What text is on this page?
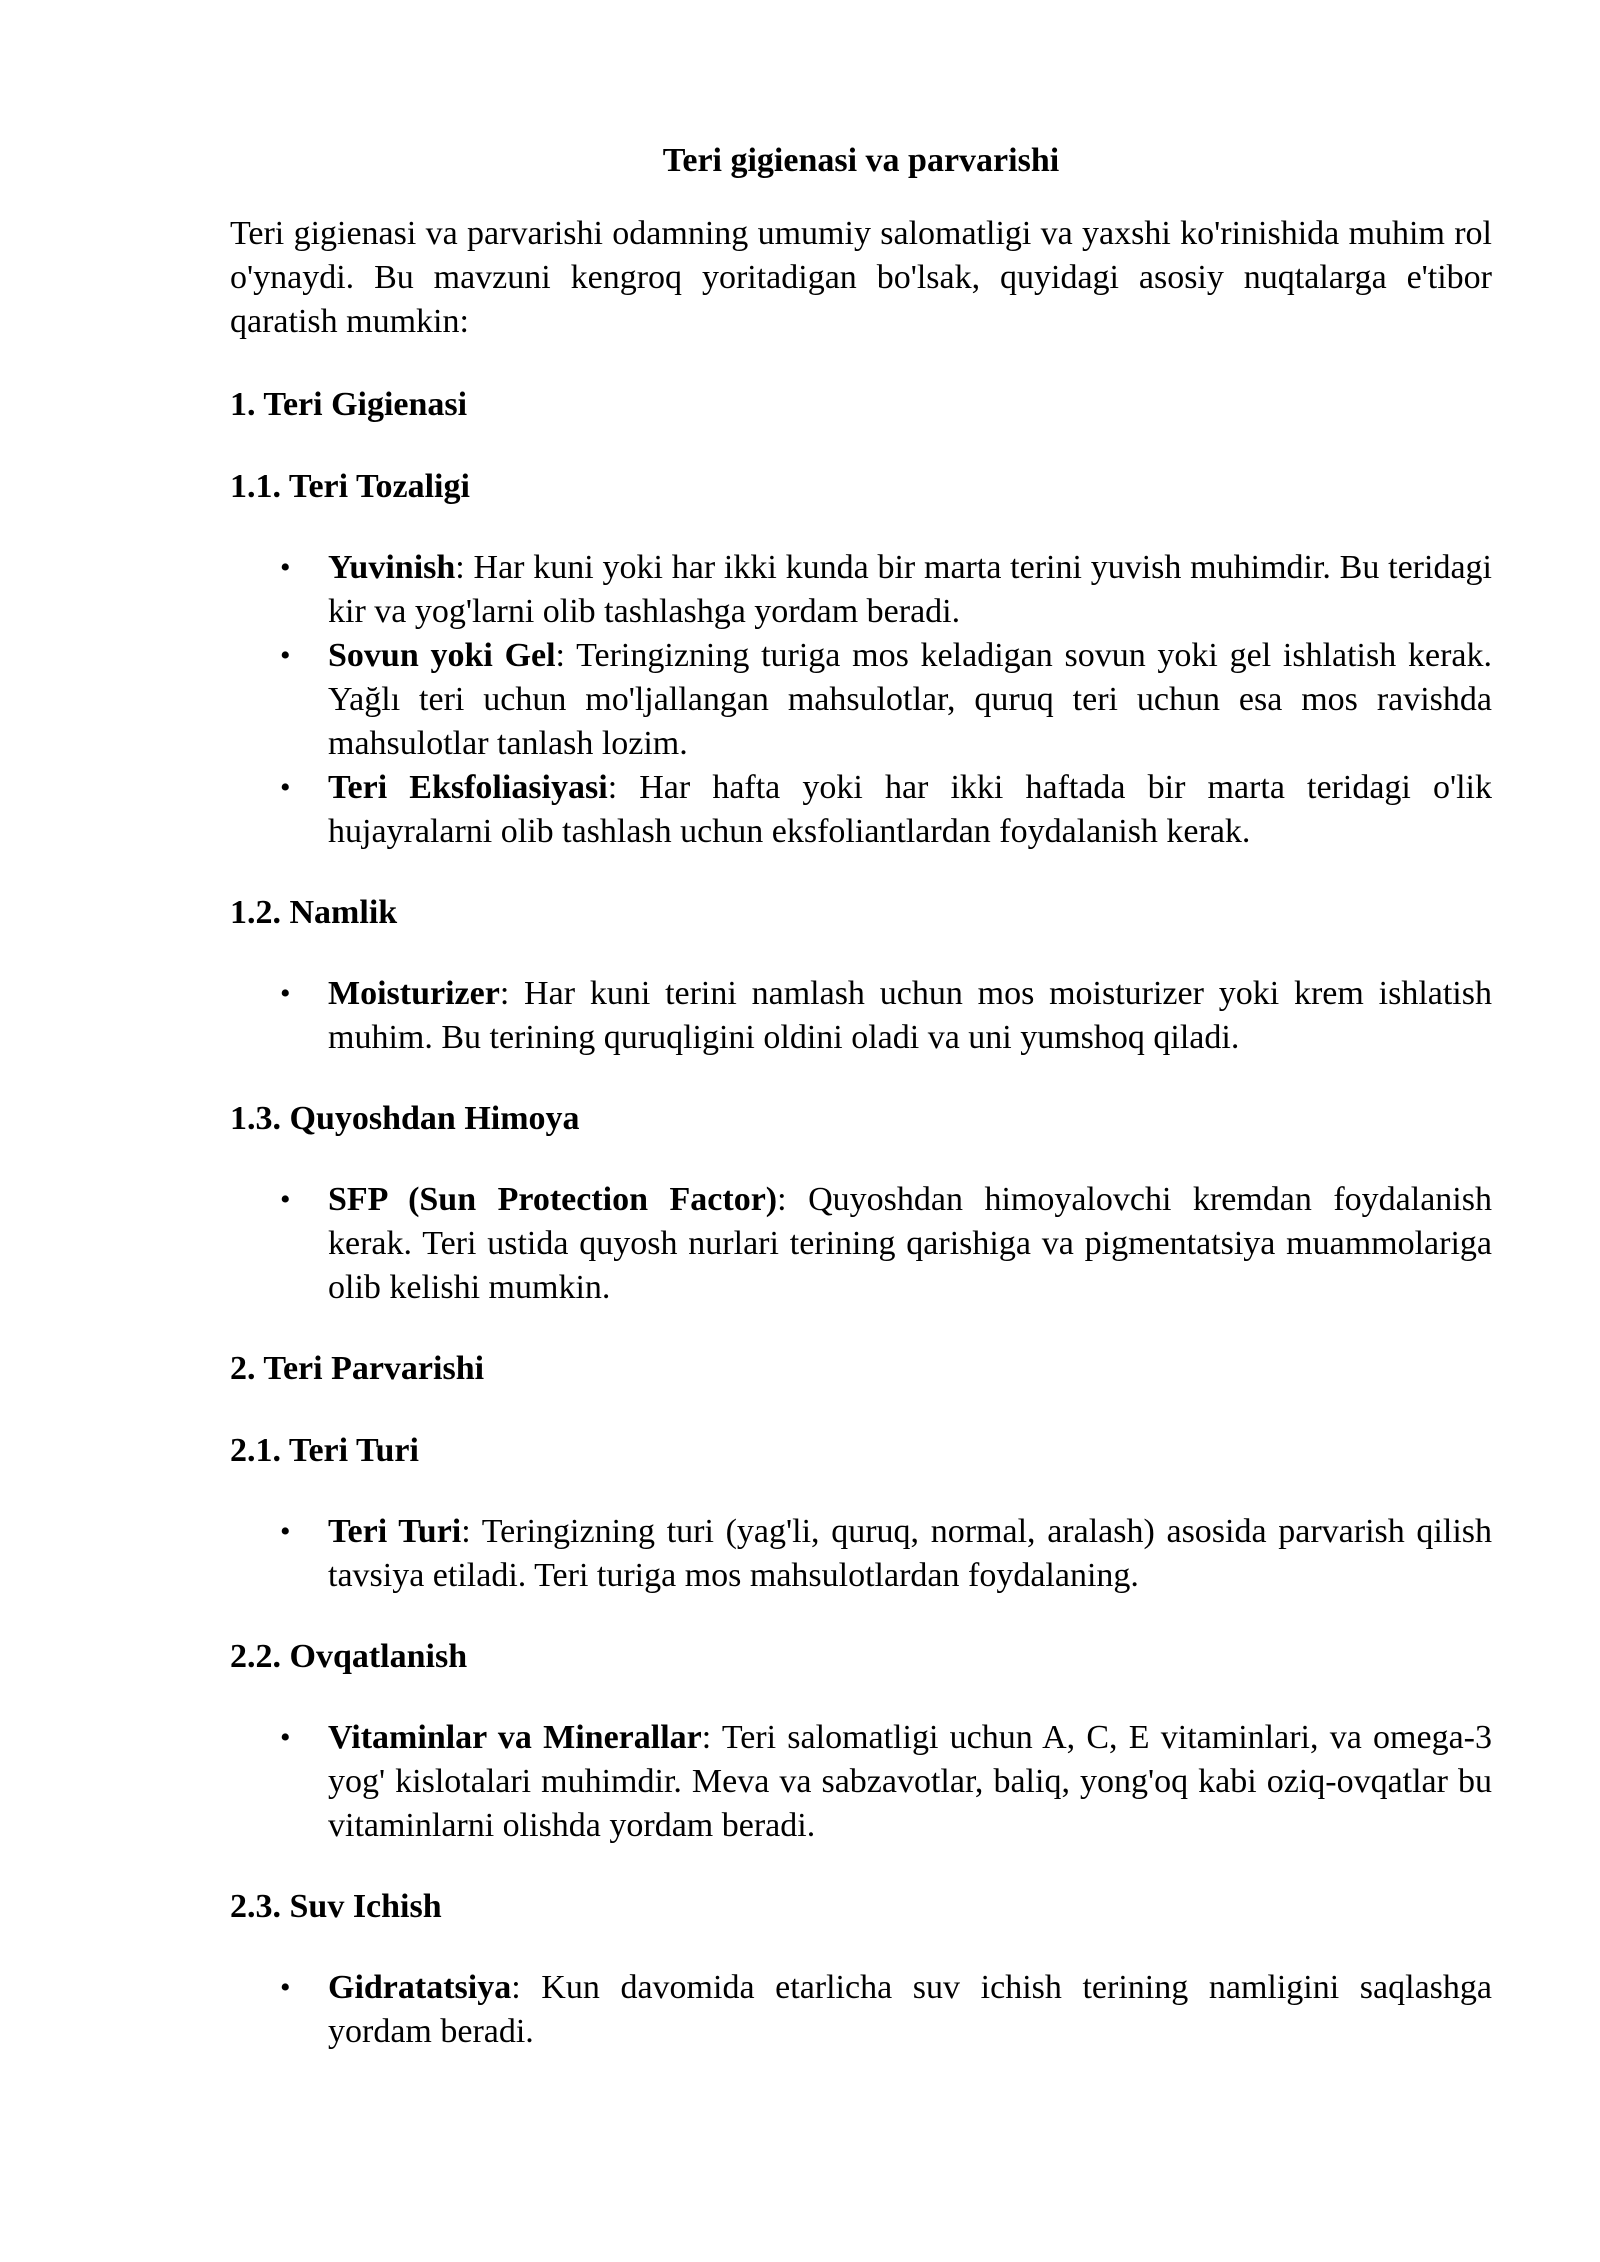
Teri gigienasi va parvarishi
Teri gigienasi va parvarishi odamning umumiy salomatligi va yaxshi ko'rinishida muhim rol o'ynaydi. Bu mavzuni kengroq yoritadigan bo'lsak, quyidagi asosiy nuqtalarga e'tibor qaratish mumkin:
1. Teri Gigienasi
1.1. Teri Tozaligi
• Yuvinish: Har kuni yoki har ikki kunda bir marta terini yuvish muhimdir. Bu teridagi kir va yog'larni olib tashlashga yordam beradi.
• Sovun yoki Gel: Teringizning turiga mos keladigan sovun yoki gel ishlatish kerak. Yağlı teri uchun mo'ljallangan mahsulotlar, quruq teri uchun esa mos ravishda mahsulotlar tanlash lozim.
• Teri Eksfoliasiyasi: Har hafta yoki har ikki haftada bir marta teridagi o'lik hujayralarni olib tashlash uchun eksfoliantlardan foydalanish kerak.
1.2. Namlik
• Moisturizer: Har kuni terini namlash uchun mos moisturizer yoki krem ishlatish muhim. Bu terining quruqligini oldini oladi va uni yumshoq qiladi.
1.3. Quyoshdan Himoya
• SFP (Sun Protection Factor): Quyoshdan himoyalovchi kremdan foydalanish kerak. Teri ustida quyosh nurlari terining qarishiga va pigmentatsiya muammolariga olib kelishi mumkin.
2. Teri Parvarishi
2.1. Teri Turi
• Teri Turi: Teringizning turi (yag'li, quruq, normal, aralash) asosida parvarish qilish tavsiya etiladi. Teri turiga mos mahsulotlardan foydalaning.
2.2. Ovqatlanish
• Vitaminlar va Minerallar: Teri salomatligi uchun A, C, E vitaminlari, va omega-3 yog' kislotalari muhimdir. Meva va sabzavotlar, baliq, yong'oq kabi oziq-ovqatlar bu vitaminlarni olishda yordam beradi.
2.3. Suv Ichish
• Gidratatsiya: Kun davomida etarlicha suv ichish terining namligini saqlashga yordam beradi.
